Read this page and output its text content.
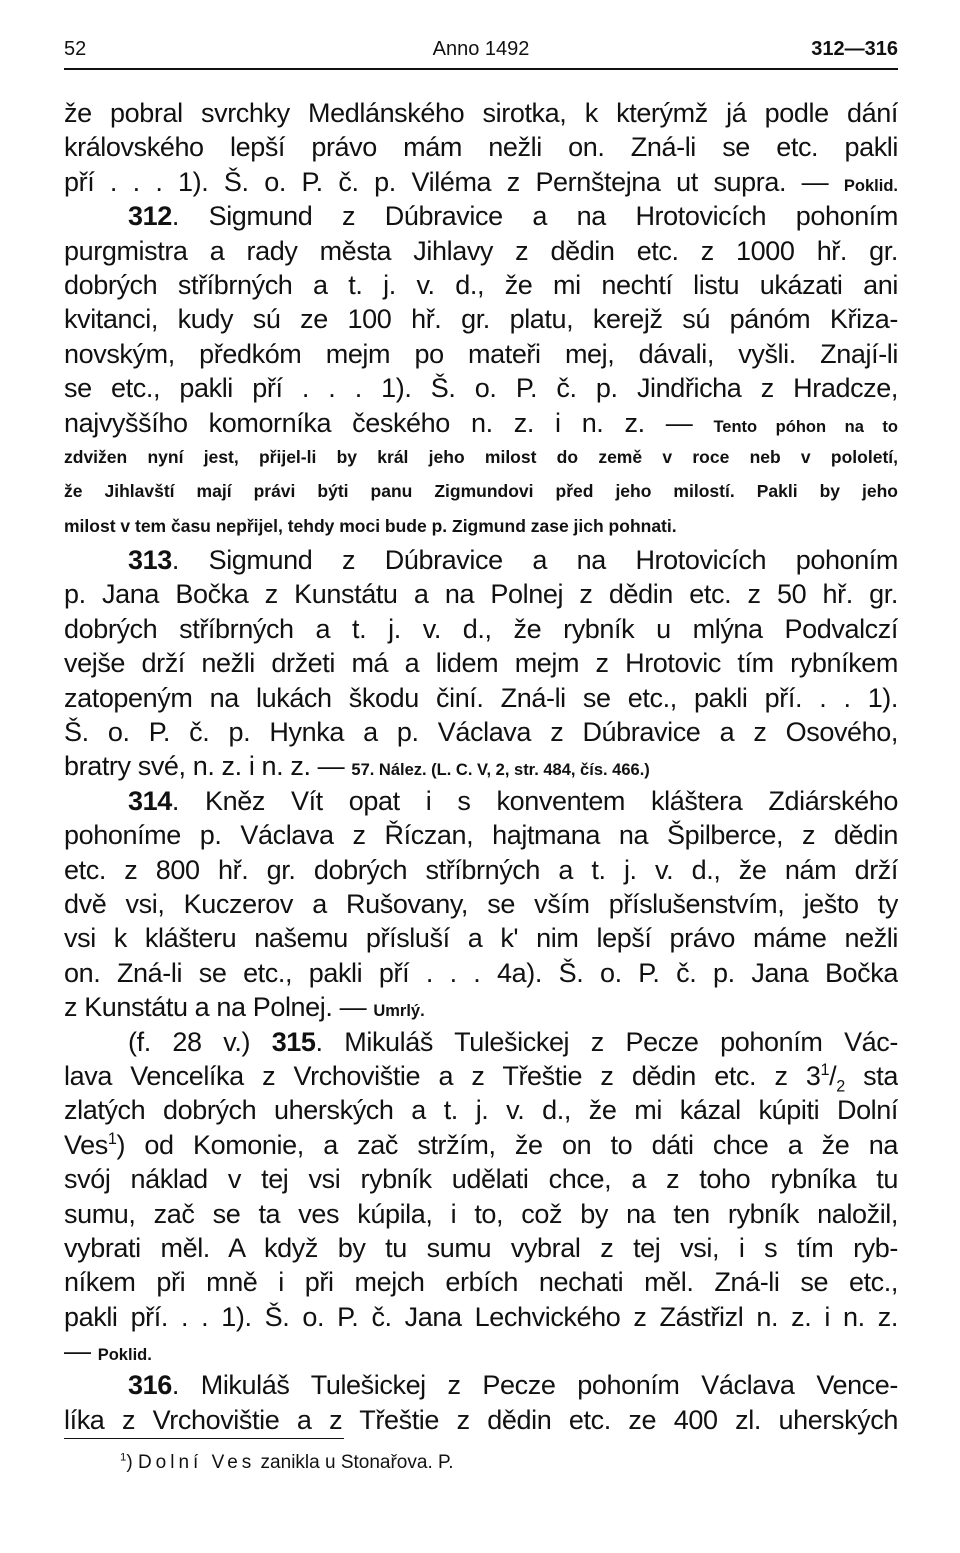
52	Anno 1492	312—316
že pobral svrchky Medlánského sirotka, k kterýmž já podle dání
královského lepší právo mám nežli on. Zná-li se etc. pakli
pří . . . 1). Š. o. P. č. p. Viléma z Pernštejna ut supra. — Poklid.
312. Sigmund z Dúbravice a na Hrotovicích pohoním
purgmistra a rady města Jihlavy z dědin etc. z 1000 hř. gr.
dobrých stříbrných a t. j. v. d., že mi nechtí listu ukázati ani
kvitanci, kudy sú ze 100 hř. gr. platu, kerejž sú pánóm Křiza-
novským, předkóm mejm po mateři mej, dávali, vyšli. Znají-li
se etc., pakli pří . . . 1). Š. o. P. č. p. Jindřicha z Hradcze,
najvyššího komorníka českého n. z. i n. z. — Tento póhon na to
zdvižen nyní jest, přijel-li by král jeho milost do země v roce neb v pololetí,
že Jihlavští mají právi býti panu Zigmundovi před jeho milostí. Pakli by jeho
milost v tem času nepřijel, tehdy moci bude p. Zigmund zase jich pohnati.
313. Sigmund z Dúbravice a na Hrotovicích pohoním
p. Jana Bočka z Kunstátu a na Polnej z dědin etc. z 50 hř. gr.
dobrých stříbrných a t. j. v. d., že rybník u mlýna Podvalczí
vejše drží nežli držeti má a lidem mejm z Hrotovic tím rybníkem
zatopeným na lukách škodu činí. Zná-li se etc., pakli pří. . . 1).
Š. o. P. č. p. Hynka a p. Václava z Dúbravice a z Osového,
bratry své, n. z. i n. z. — 57. Nález. (L. C. V, 2, str. 484, čís. 466.)
314. Kněz Vít opat i s konventem kláštera Zdiárského
pohoníme p. Václava z Říczan, hajtmana na Špilberce, z dědin
etc. z 800 hř. gr. dobrých stříbrných a t. j. v. d., že nám drží
dvě vsi, Kuczerov a Rušovany, se vším příslušenstvím, ješto ty
vsi k klášteru našemu přísluší a k' nim lepší právo máme nežli
on. Zná-li se etc., pakli pří . . . 4a). Š. o. P. č. p. Jana Bočka
z Kunstátu a na Polnej. — Umrlý.
(f. 28 v.) 315. Mikuláš Tulešickej z Pecze pohoním Vác-
lava Vencelíka z Vrchovištie a z Třeštie z dědin etc. z $3^1/_2$ sta
zlatých dobrých uherských a t. j. v. d., že mi kázal kúpiti Dolní
Ves$^1$) od Komonie, a zač stržím, že on to dáti chce a že na
svój náklad v tej vsi rybník udělati chce, a z toho rybníka tu
sumu, zač se ta ves kúpila, i to, což by na ten rybník naložil,
vybrati měl. A když by tu sumu vybral z tej vsi, i s tím ryb-
níkem při mně i při mejch erbích nechati měl. Zná-li se etc.,
pakli pří. . . 1). Š. o. P. č. Jana Lechvického z Zástřizl n. z. i n. z.
— Poklid.
316. Mikuláš Tulešickej z Pecze pohoním Václava Vence-
líka z Vrchovištie a z Třeštie z dědin etc. ze 400 zl. uherských
$^1$) Dolní Ves zanikla u Stonařova. P.
